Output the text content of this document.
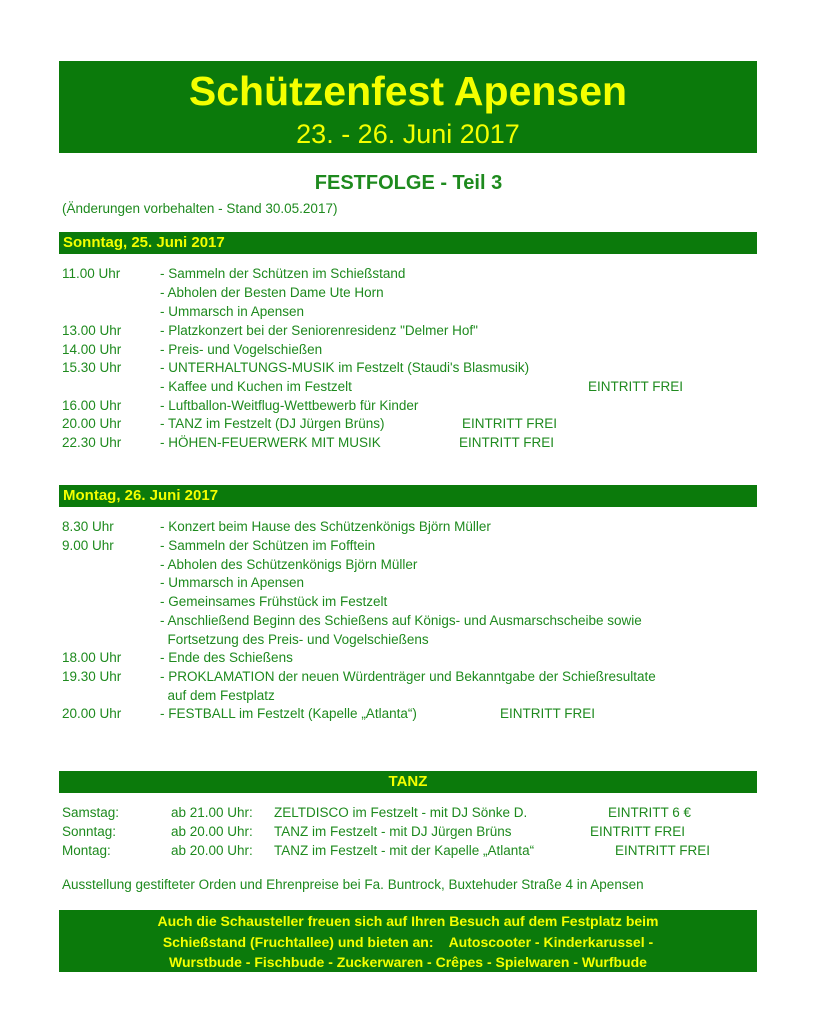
Schützenfest Apensen
23. - 26. Juni 2017
FESTFOLGE - Teil 3
(Änderungen vorbehalten - Stand 30.05.2017)
Sonntag, 25. Juni 2017
11.00 Uhr	- Sammeln der Schützen im Schießstand
- Abholen der Besten Dame Ute Horn
- Ummarsch in Apensen
13.00 Uhr	- Platzkonzert bei der Seniorenresidenz "Delmer Hof"
14.00 Uhr	- Preis- und Vogelschießen
15.30 Uhr	- UNTERHALTUNGS-MUSIK im Festzelt (Staudi's Blasmusik)
- Kaffee und Kuchen im Festzelt	EINTRITT FREI
16.00 Uhr	- Luftballon-Weitflug-Wettbewerb für Kinder
20.00 Uhr	- TANZ im Festzelt (DJ Jürgen Brüns)	EINTRITT FREI
22.30 Uhr	- HÖHEN-FEUERWERK MIT MUSIK	EINTRITT FREI
Montag, 26. Juni 2017
8.30 Uhr	- Konzert beim Hause des Schützenkönigs Björn Müller
9.00 Uhr	- Sammeln der Schützen im Fofftein
- Abholen des Schützenkönigs Björn Müller
- Ummarsch in Apensen
- Gemeinsames Frühstück im Festzelt
- Anschließend Beginn des Schießens auf Königs- und Ausmarschscheibe sowie
Fortsetzung des Preis- und Vogelschießens
18.00 Uhr	- Ende des Schießens
19.30 Uhr	- PROKLAMATION der neuen Würdenträger und Bekanntgabe der Schießresultate
auf dem Festplatz
20.00 Uhr	- FESTBALL im Festzelt (Kapelle „Atlanta“)	EINTRITT FREI
TANZ
Samstag:	ab 21.00 Uhr: ZELTDISCO im Festzelt - mit DJ Sönke D.	EINTRITT 6 €
Sonntag:	ab 20.00 Uhr: TANZ im Festzelt - mit DJ Jürgen Brüns	EINTRITT FREI
Montag:	ab 20.00 Uhr: TANZ im Festzelt - mit der Kapelle „Atlanta“	EINTRITT FREI
Ausstellung gestifteter Orden und Ehrenpreise bei Fa. Buntrock, Buxtehuder Straße 4 in Apensen
Auch die Schausteller freuen sich auf Ihren Besuch auf dem Festplatz beim
Schießstand (Fruchtallee) und bieten an:    Autoscooter - Kinderkarussel -
Wurstbude - Fischbude - Zuckerwaren - Crêpes - Spielwaren - Wurfbude
